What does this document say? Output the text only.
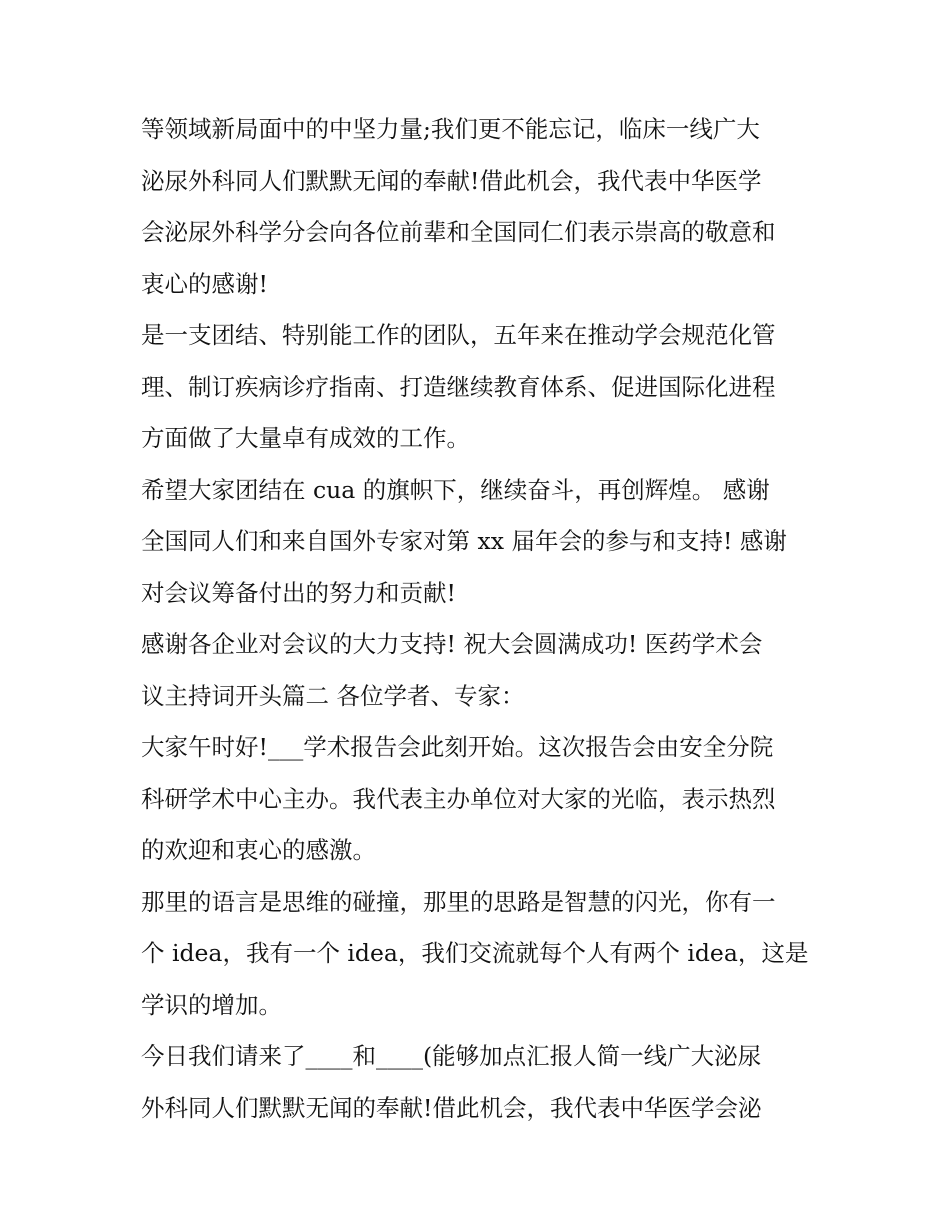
等领域新局面中的中坚力量;我们更不能忘记，临床一线广大
泌尿外科同人们默默无闻的奉献!借此机会，我代表中华医学
会泌尿外科学分会向各位前辈和全国同仁们表示崇高的敬意和
衷心的感谢!
是一支团结、特别能工作的团队，五年来在推动学会规范化管
理、制订疾病诊疗指南、打造继续教育体系、促进国际化进程
方面做了大量卓有成效的工作。
希望大家团结在 cua 的旗帜下，继续奋斗，再创辉煌。 感谢
全国同人们和来自国外专家对第 xx 届年会的参与和支持! 感谢
对会议筹备付出的努力和贡献!
感谢各企业对会议的大力支持! 祝大会圆满成功! 医药学术会
议主持词开头篇二 各位学者、专家：
大家午时好!___学术报告会此刻开始。这次报告会由安全分院
科研学术中心主办。我代表主办单位对大家的光临，表示热烈
的欢迎和衷心的感激。
那里的语言是思维的碰撞，那里的思路是智慧的闪光，你有一
个 idea，我有一个 idea，我们交流就每个人有两个 idea，这是
学识的增加。
今日我们请来了____和____(能够加点汇报人简一线广大泌尿
外科同人们默默无闻的奉献!借此机会，我代表中华医学会泌
